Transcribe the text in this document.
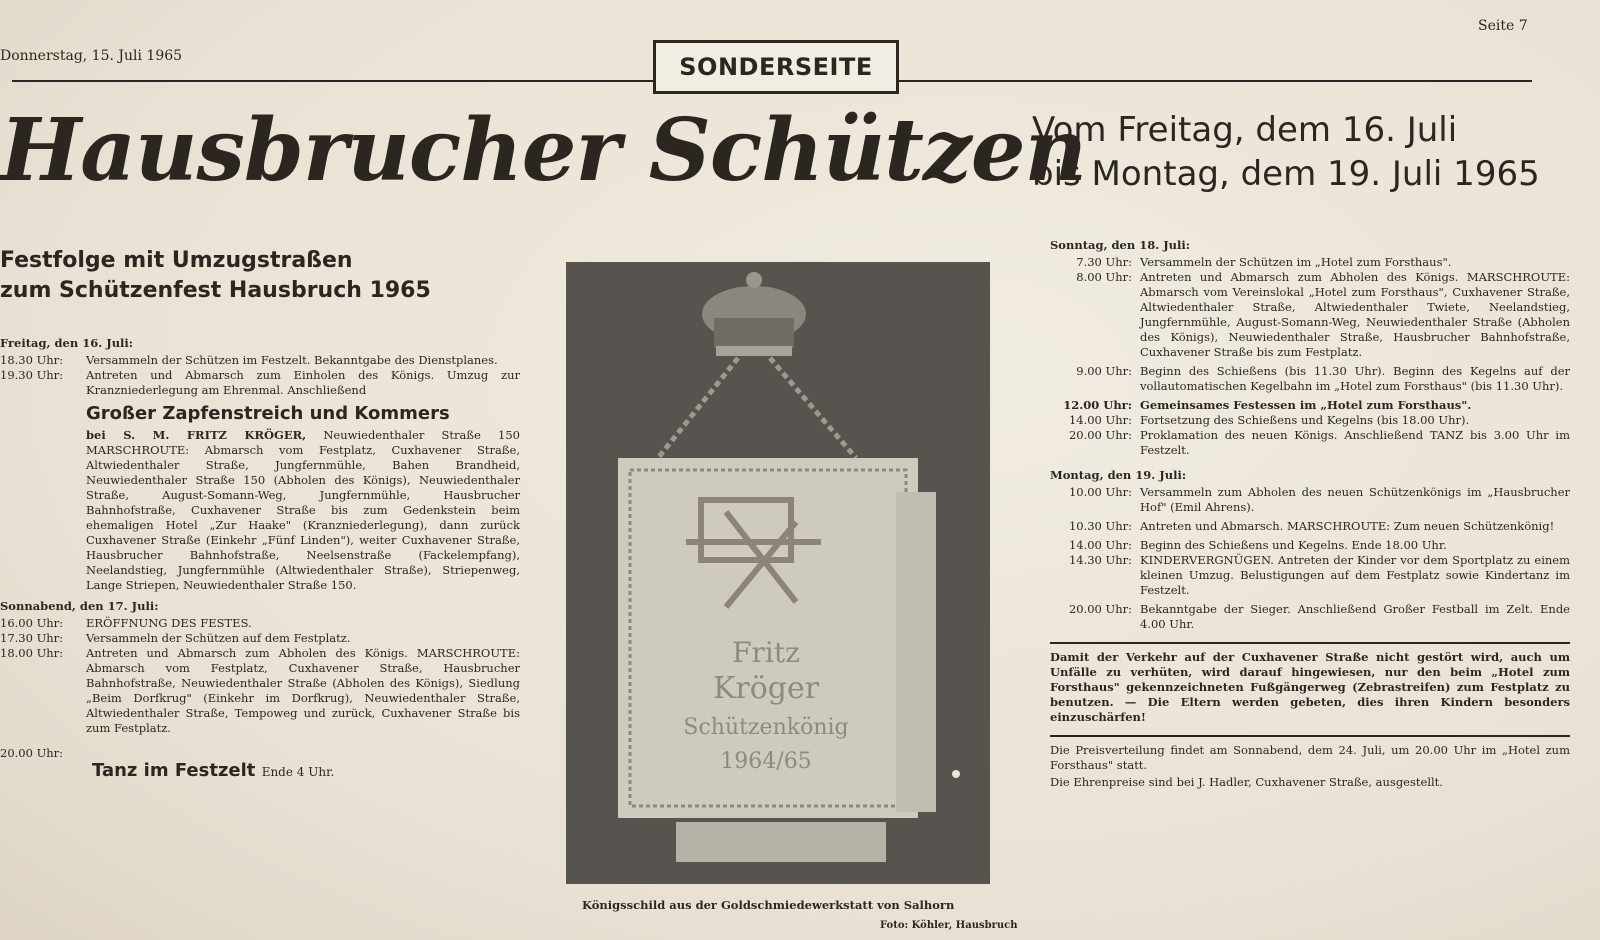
Donnerstag, 15. Juli 1965
Seite 7
SONDERSEITE
Hausbrucher Schützen
Vom Freitag, dem 16. Juli
bis Montag, dem 19. Juli 1965
Festfolge mit Umzugstraßen
zum Schützenfest Hausbruch 1965
Freitag, den 16. Juli:
18.30 Uhr:	Versammeln der Schützen im Festzelt. Bekanntgabe des Dienstplanes.
19.30 Uhr:	Antreten und Abmarsch zum Einholen des Königs. Umzug zur Kranzniederlegung am Ehrenmal. Anschließend
Großer Zapfenstreich und Kommers
bei S. M. FRITZ KRÖGER, Neuwiedenthaler Straße 150 MARSCHROUTE: Abmarsch vom Festplatz, Cuxhavener Straße, Altwiedenthaler Straße, Jungfernmühle, Bahen Brandheid, Neuwiedenthaler Straße 150 (Abholen des Königs), Neuwiedenthaler Straße, August-Somann-Weg, Jungfernmühle, Hausbrucher Bahnhofstraße, Cuxhavener Straße bis zum Gedenkstein beim ehemaligen Hotel „Zur Haake" (Kranzniederlegung), dann zurück Cuxhavener Straße (Einkehr „Fünf Linden"), weiter Cuxhavener Straße, Hausbrucher Bahnhofstraße, Neelsenstraße (Fackelempfang), Neelandstieg, Jungfernmühle (Altwiedenthaler Straße), Striepenweg, Lange Striepen, Neuwiedenthaler Straße 150.
Sonnabend, den 17. Juli:
16.00 Uhr:	ERÖFFNUNG DES FESTES.
17.30 Uhr:	Versammeln der Schützen auf dem Festplatz.
18.00 Uhr:	Antreten und Abmarsch zum Abholen des Königs. MARSCHROUTE: Abmarsch vom Festplatz, Cuxhavener Straße, Hausbrucher Bahnhofstraße, Neuwiedenthaler Straße (Abholen des Königs), Siedlung „Beim Dorfkrug" (Einkehr im Dorfkrug), Neuwiedenthaler Straße, Altwiedenthaler Straße, Tempoweg und zurück, Cuxhavener Straße bis zum Festplatz.
20.00 Uhr:
Tanz im Festzelt Ende 4 Uhr.
Fritz
Kröger
Schützenkönig
1964/65
Königsschild aus der Goldschmiedewerkstatt von Salhorn
Foto: Köhler, Hausbruch
Sonntag, den 18. Juli:
7.30 Uhr: Versammeln der Schützen im „Hotel zum Forsthaus".
8.00 Uhr: Antreten und Abmarsch zum Abholen des Königs. MARSCHROUTE: Abmarsch vom Vereinslokal „Hotel zum Forsthaus", Cuxhavener Straße, Altwiedenthaler Straße, Altwiedenthaler Twiete, Neelandstieg, Jungfernmühle, August-Somann-Weg, Neuwiedenthaler Straße (Abholen des Königs), Neuwiedenthaler Straße, Hausbrucher Bahnhofstraße, Cuxhavener Straße bis zum Festplatz.
9.00 Uhr: Beginn des Schießens (bis 11.30 Uhr). Beginn des Kegelns auf der vollautomatischen Kegelbahn im „Hotel zum Forsthaus" (bis 11.30 Uhr).
12.00 Uhr: Gemeinsames Festessen im „Hotel zum Forsthaus".
14.00 Uhr: Fortsetzung des Schießens und Kegelns (bis 18.00 Uhr).
20.00 Uhr: Proklamation des neuen Königs. Anschließend TANZ bis 3.00 Uhr im Festzelt.
Montag, den 19. Juli:
10.00 Uhr: Versammeln zum Abholen des neuen Schützenkönigs im „Hausbrucher Hof" (Emil Ahrens).
10.30 Uhr: Antreten und Abmarsch. MARSCHROUTE: Zum neuen Schützenkönig!
14.00 Uhr: Beginn des Schießens und Kegelns. Ende 18.00 Uhr.
14.30 Uhr: KINDERVERGNÜGEN. Antreten der Kinder vor dem Sportplatz zu einem kleinen Umzug. Belustigungen auf dem Festplatz sowie Kindertanz im Festzelt.
20.00 Uhr: Bekanntgabe der Sieger. Anschließend Großer Festball im Zelt. Ende 4.00 Uhr.
Damit der Verkehr auf der Cuxhavener Straße nicht gestört wird, auch um Unfälle zu verhüten, wird darauf hingewiesen, nur den beim „Hotel zum Forsthaus" gekennzeichneten Fußgängerweg (Zebrastreifen) zum Festplatz zu benutzen. — Die Eltern werden gebeten, dies ihren Kindern besonders einzuschärfen!
Die Preisverteilung findet am Sonnabend, dem 24. Juli, um 20.00 Uhr im „Hotel zum Forsthaus" statt.
Die Ehrenpreise sind bei J. Hadler, Cuxhavener Straße, ausgestellt.
